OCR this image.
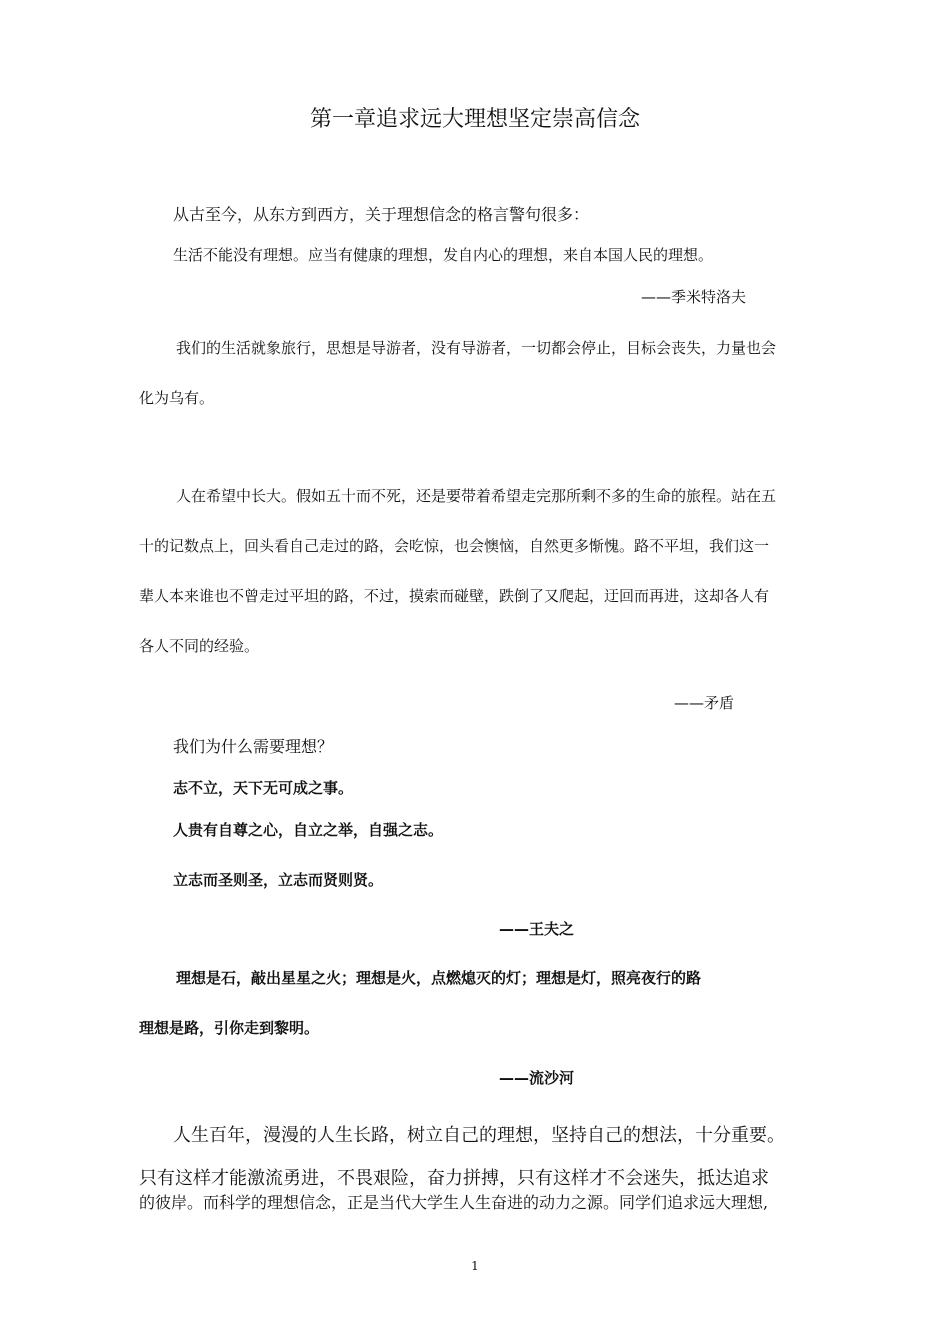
第一章追求远大理想坚定崇高信念
从古至今，从东方到西方，关于理想信念的格言警句很多：
生活不能没有理想。应当有健康的理想，发自内心的理想，来自本国人民的理想。
——季米特洛夫
我们的生活就象旅行，思想是导游者，没有导游者，一切都会停止，目标会丧失，力量也会
化为乌有。
人在希望中长大。假如五十而不死，还是要带着希望走完那所剩不多的生命的旅程。站在五
十的记数点上，回头看自己走过的路，会吃惊，也会懊恼，自然更多惭愧。路不平坦，我们这一
辈人本来谁也不曾走过平坦的路，不过，摸索而碰壁，跌倒了又爬起，迂回而再进，这却各人有
各人不同的经验。
——矛盾
我们为什么需要理想？
志不立，天下无可成之事。
人贵有自尊之心，自立之举，自强之志。
立志而圣则圣，立志而贤则贤。
——王夫之
理想是石，敲出星星之火；理想是火，点燃熄灭的灯；理想是灯，照亮夜行的路
理想是路，引你走到黎明。
——流沙河
人生百年，漫漫的人生长路，树立自己的理想，坚持自己的想法，十分重要。
只有这样才能激流勇进，不畏艰险，奋力拼搏，只有这样才不会迷失，抵达追求
的彼岸。而科学的理想信念，正是当代大学生人生奋进的动力之源。同学们追求远大理想,
1
